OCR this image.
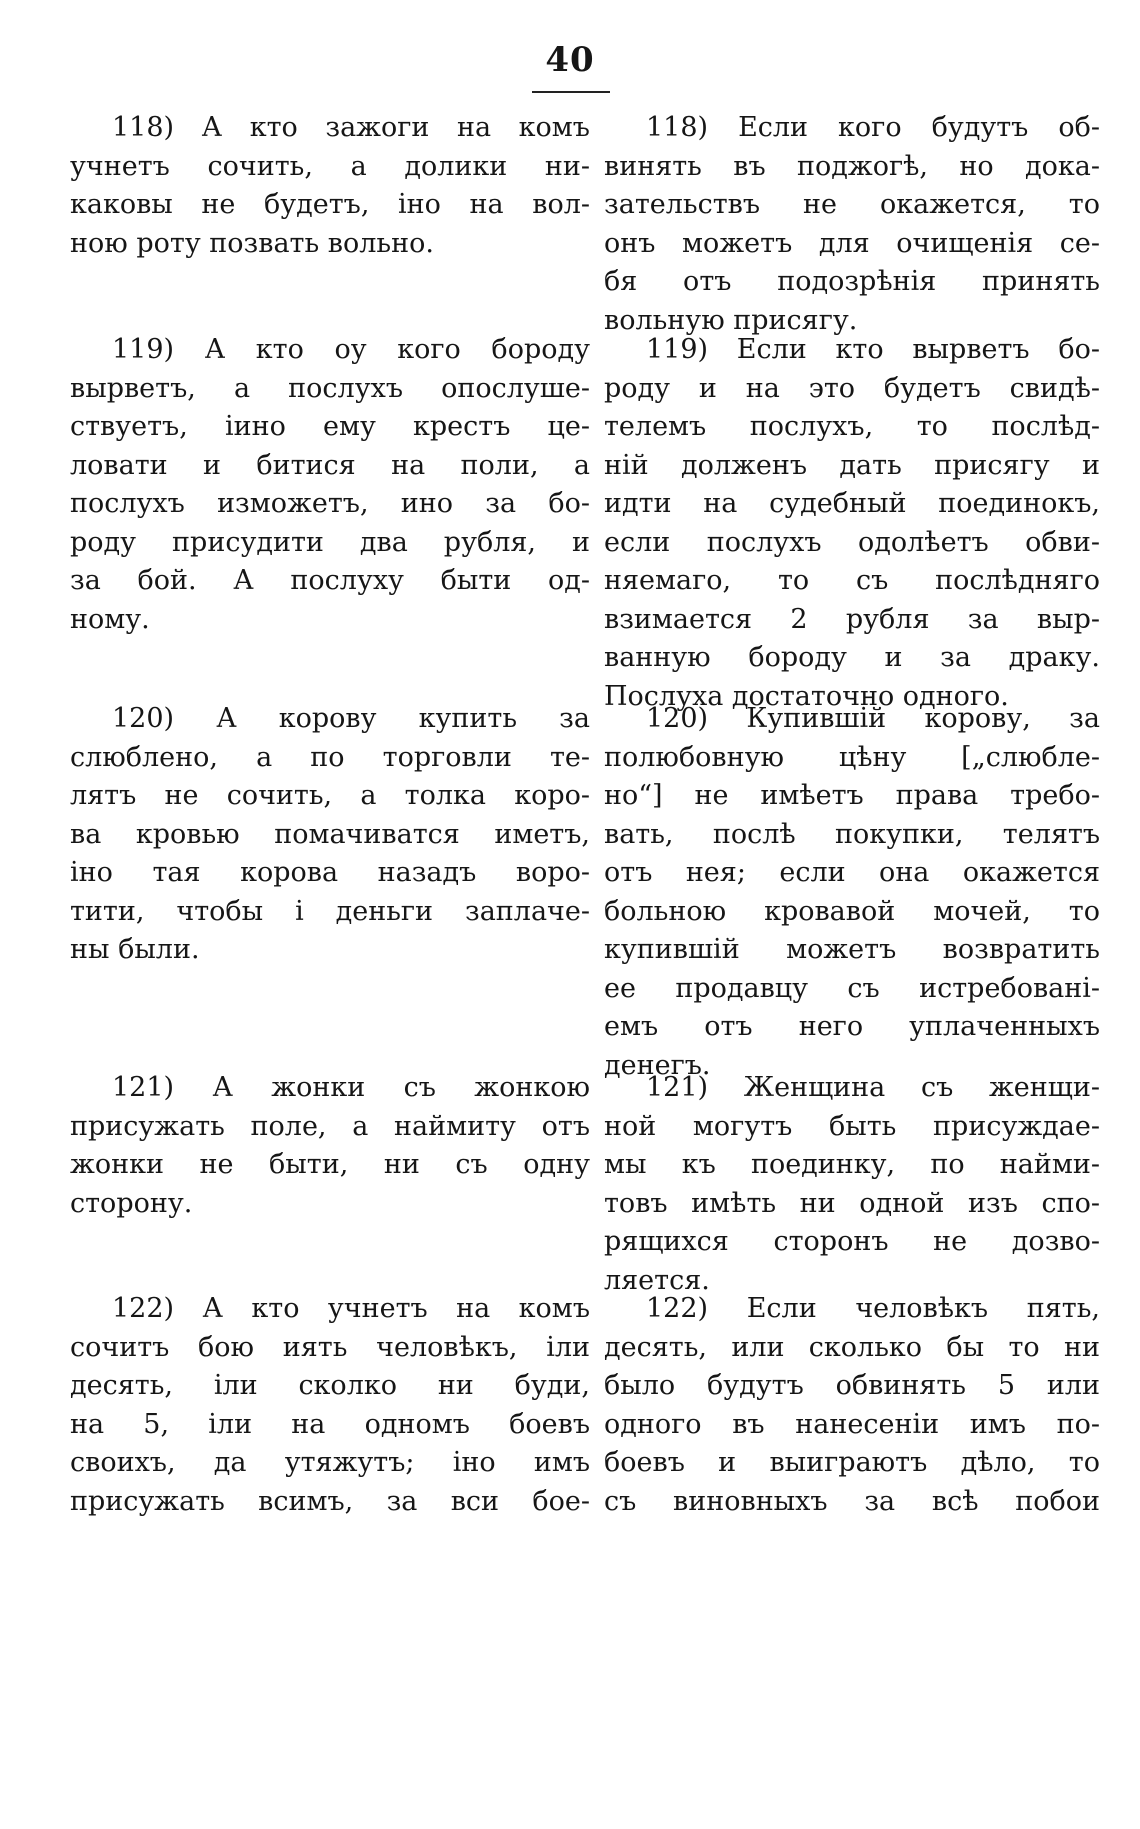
40
118) А кто зажоги на комъ
учнетъ сочить, а долики ни-
каковы не будетъ, іно на вол-
ною роту позвать вольно.
119) А кто оу кого бороду
вырветъ, а послухъ опослуше-
ствуетъ, іино ему крестъ це-
ловати и битися на поли, а
послухъ изможетъ, ино за бо-
роду присудити два рубля, и
за бой. А послуху быти од-
ному.
120) А корову купить за
слюблено, а по торговли те-
лятъ не сочить, а толка коро-
ва кровью помачиватся иметъ,
іно тая корова назадъ воро-
тити, чтобы і деньги заплаче-
ны были.
121) А жонки съ жонкою
присужать поле, а наймиту отъ
жонки не быти, ни съ одну
сторону.
122) А кто учнетъ на комъ
сочитъ бою иять человѣкъ, іли
десять, іли сколко ни буди,
на 5, іли на одномъ боевъ
своихъ, да утяжутъ; іно имъ
присужать всимъ, за вси бое-
118) Если кого будутъ об-
винять въ поджогѣ, но дока-
зательствъ не окажется, то
онъ можетъ для очищенія се-
бя отъ подозрѣнія принять
вольную присягу.
119) Если кто вырветъ бо-
роду и на это будетъ свидѣ-
телемъ послухъ, то послѣд-
ній долженъ дать присягу и
идти на судебный поединокъ,
если послухъ одолѣетъ обви-
няемаго, то съ послѣдняго
взимается 2 рубля за выр-
ванную бороду и за драку.
Послуха достаточно одного.
120) Купившій корову, за
полюбовную цѣну [„слюбле-
но“] не имѣетъ права требо-
вать, послѣ покупки, телятъ
отъ нея; если она окажется
больною кровавой мочей, то
купившій можетъ возвратить
ее продавцу съ истребовані-
емъ отъ него уплаченныхъ
денегъ.
121) Женщина съ женщи-
ной могутъ быть присуждае-
мы къ поединку, по найми-
товъ имѣть ни одной изъ спо-
рящихся сторонъ не дозво-
ляется.
122) Если человѣкъ пять,
десять, или сколько бы то ни
было будутъ обвинять 5 или
одного въ нанесеніи имъ по-
боевъ и выиграютъ дѣло, то
съ виновныхъ за всѣ побои
